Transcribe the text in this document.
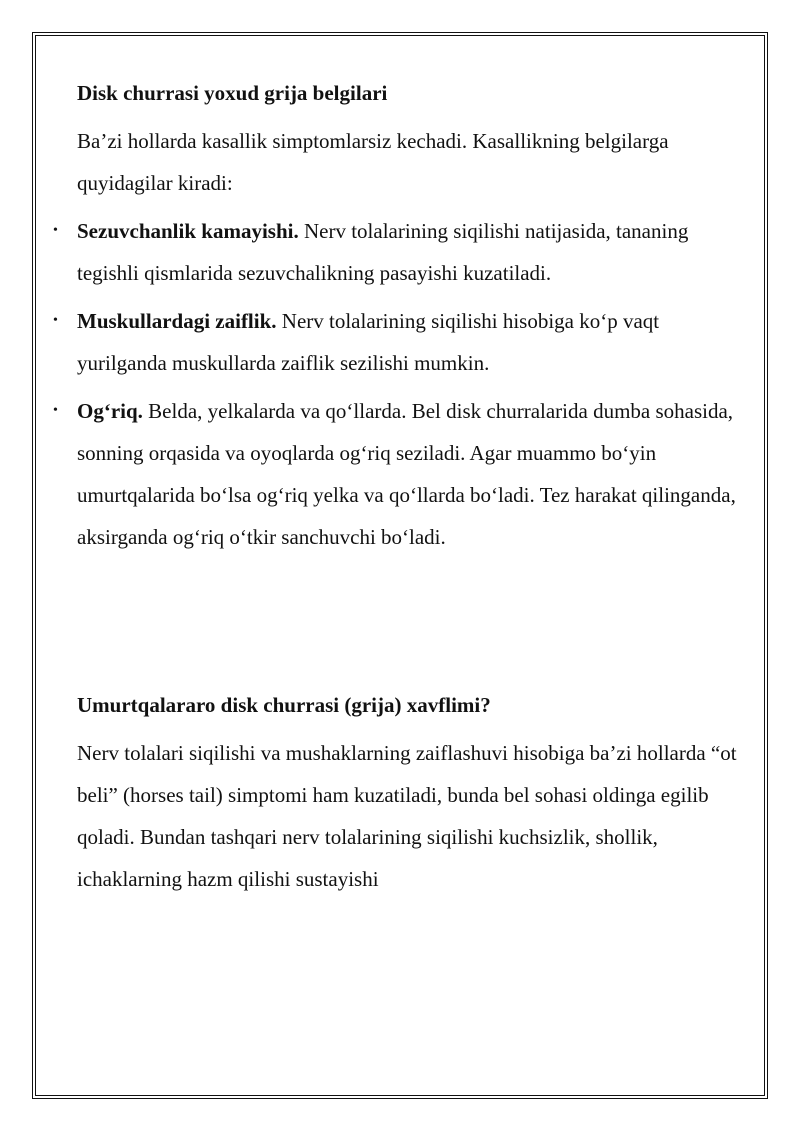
Disk churrasi yoxud grija belgilari

Ba’zi hollarda kasallik simptomlarsiz kechadi. Kasallikning belgilarga quyidagilar kiradi:

• Sezuvchanlik kamayishi. Nerv tolalarining siqilishi natijasida, tananing tegishli qismlarida sezuvchalikning pasayishi kuzatiladi.
• Muskullardagi zaiflik. Nerv tolalarining siqilishi hisobiga ko‘p vaqt yurilganda muskullarda zaiflik sezilishi mumkin.
• Og‘riq. Belda, yelkalarda va qo‘llarda. Bel disk churralarida dumba sohasida, sonning orqasida va oyoqlarda og‘riq seziladi. Agar muammo bo‘yin umurtqalarida bo‘lsa og‘riq yelka va qo‘llarda bo‘ladi. Tez harakat qilinganda, aksirganda og‘riq o‘tkir sanchuvchi bo‘ladi.

Umurtqalararo disk churrasi (grija) xavflimi?

Nerv tolalari siqilishi va mushaklarning zaiflashuvi hisobiga ba’zi hollarda “ot beli” (horses tail) simptomi ham kuzatiladi, bunda bel sohasi oldinga egilib qoladi. Bundan tashqari nerv tolalarining siqilishi kuchsizlik, shollik, ichaklarning hazm qilishi sustayishi
